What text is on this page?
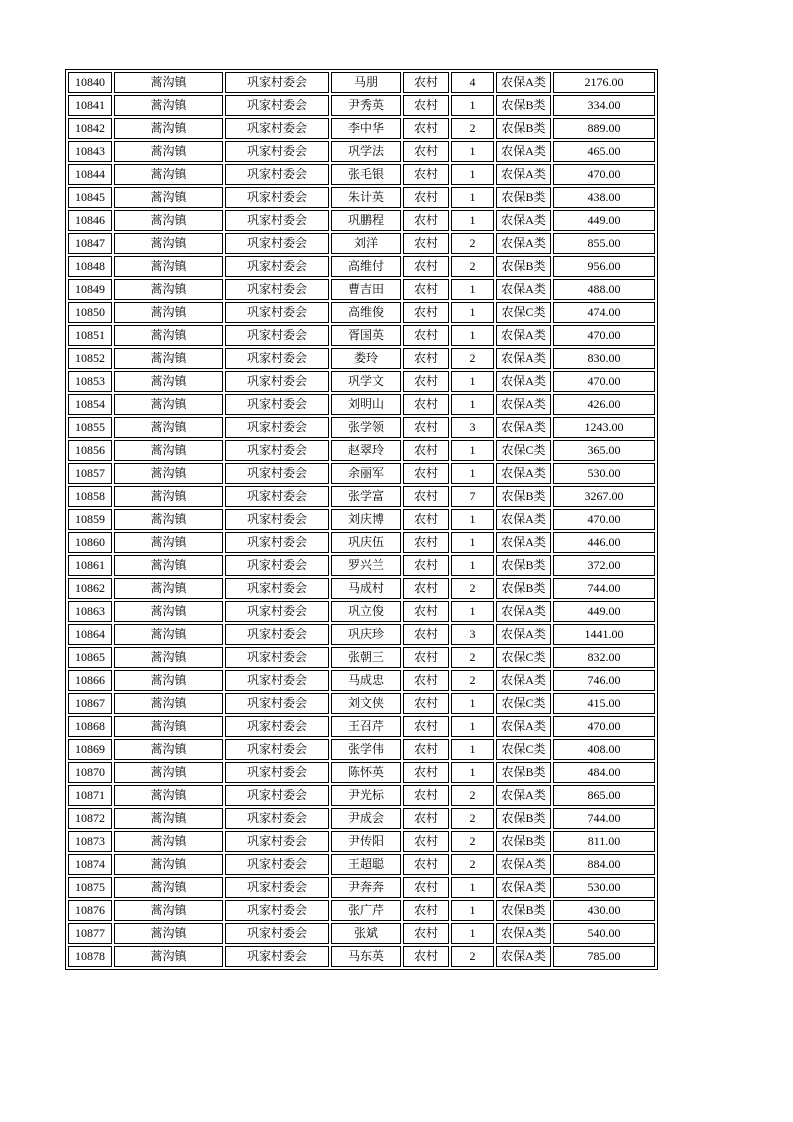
10840	蒿沟镇	巩家村委会	马朋	农村	4	农保A类	2176.00
10841	蒿沟镇	巩家村委会	尹秀英	农村	1	农保B类	334.00
10842	蒿沟镇	巩家村委会	李中华	农村	2	农保B类	889.00
10843	蒿沟镇	巩家村委会	巩学法	农村	1	农保A类	465.00
10844	蒿沟镇	巩家村委会	张毛银	农村	1	农保A类	470.00
10845	蒿沟镇	巩家村委会	朱计英	农村	1	农保B类	438.00
10846	蒿沟镇	巩家村委会	巩鹏程	农村	1	农保A类	449.00
10847	蒿沟镇	巩家村委会	刘洋	农村	2	农保A类	855.00
10848	蒿沟镇	巩家村委会	高维付	农村	2	农保B类	956.00
10849	蒿沟镇	巩家村委会	曹吉田	农村	1	农保A类	488.00
10850	蒿沟镇	巩家村委会	高维俊	农村	1	农保C类	474.00
10851	蒿沟镇	巩家村委会	胥国英	农村	1	农保A类	470.00
10852	蒿沟镇	巩家村委会	娄玲	农村	2	农保A类	830.00
10853	蒿沟镇	巩家村委会	巩学文	农村	1	农保A类	470.00
10854	蒿沟镇	巩家村委会	刘明山	农村	1	农保A类	426.00
10855	蒿沟镇	巩家村委会	张学领	农村	3	农保A类	1243.00
10856	蒿沟镇	巩家村委会	赵翠玲	农村	1	农保C类	365.00
10857	蒿沟镇	巩家村委会	余丽军	农村	1	农保A类	530.00
10858	蒿沟镇	巩家村委会	张学富	农村	7	农保B类	3267.00
10859	蒿沟镇	巩家村委会	刘庆博	农村	1	农保A类	470.00
10860	蒿沟镇	巩家村委会	巩庆伍	农村	1	农保A类	446.00
10861	蒿沟镇	巩家村委会	罗兴兰	农村	1	农保B类	372.00
10862	蒿沟镇	巩家村委会	马成村	农村	2	农保B类	744.00
10863	蒿沟镇	巩家村委会	巩立俊	农村	1	农保A类	449.00
10864	蒿沟镇	巩家村委会	巩庆珍	农村	3	农保A类	1441.00
10865	蒿沟镇	巩家村委会	张朝三	农村	2	农保C类	832.00
10866	蒿沟镇	巩家村委会	马成忠	农村	2	农保A类	746.00
10867	蒿沟镇	巩家村委会	刘文侠	农村	1	农保C类	415.00
10868	蒿沟镇	巩家村委会	王召芹	农村	1	农保A类	470.00
10869	蒿沟镇	巩家村委会	张学伟	农村	1	农保C类	408.00
10870	蒿沟镇	巩家村委会	陈怀英	农村	1	农保B类	484.00
10871	蒿沟镇	巩家村委会	尹光标	农村	2	农保A类	865.00
10872	蒿沟镇	巩家村委会	尹成会	农村	2	农保B类	744.00
10873	蒿沟镇	巩家村委会	尹传阳	农村	2	农保B类	811.00
10874	蒿沟镇	巩家村委会	王超聪	农村	2	农保A类	884.00
10875	蒿沟镇	巩家村委会	尹奔奔	农村	1	农保A类	530.00
10876	蒿沟镇	巩家村委会	张广芹	农村	1	农保B类	430.00
10877	蒿沟镇	巩家村委会	张斌	农村	1	农保A类	540.00
10878	蒿沟镇	巩家村委会	马东英	农村	2	农保A类	785.00
